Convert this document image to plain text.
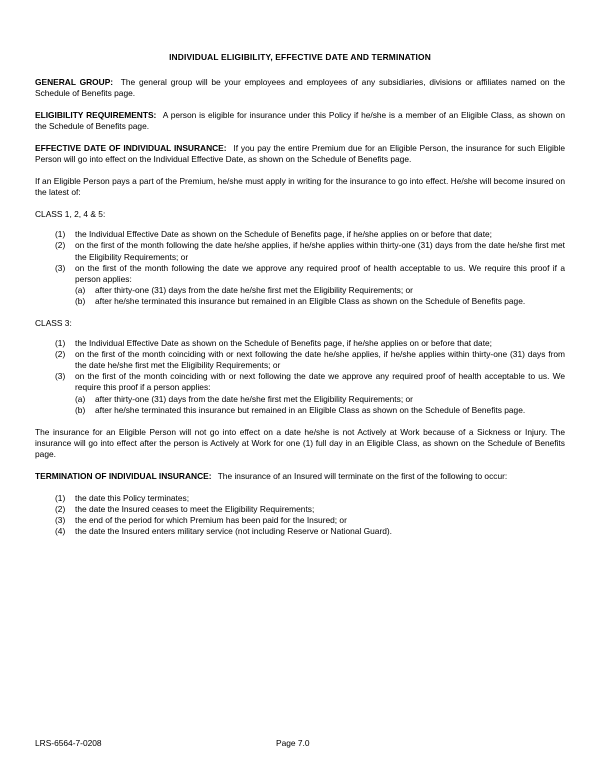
INDIVIDUAL ELIGIBILITY, EFFECTIVE DATE AND TERMINATION

GENERAL GROUP: The general group will be your employees and employees of any subsidiaries, divisions or affiliates named on the Schedule of Benefits page.

ELIGIBILITY REQUIREMENTS: A person is eligible for insurance under this Policy if he/she is a member of an Eligible Class, as shown on the Schedule of Benefits page.

EFFECTIVE DATE OF INDIVIDUAL INSURANCE: If you pay the entire Premium due for an Eligible Person, the insurance for such Eligible Person will go into effect on the Individual Effective Date, as shown on the Schedule of Benefits page.

If an Eligible Person pays a part of the Premium, he/she must apply in writing for the insurance to go into effect. He/she will become insured on the latest of:

CLASS 1, 2, 4 & 5:
(1)	the Individual Effective Date as shown on the Schedule of Benefits page, if he/she applies on or before that date;
(2)	on the first of the month following the date he/she applies, if he/she applies within thirty-one (31) days from the date he/she first met the Eligibility Requirements; or
(3)	on the first of the month following the date we approve any required proof of health acceptable to us. We require this proof if a person applies:
(a)	after thirty-one (31) days from the date he/she first met the Eligibility Requirements; or
(b)	after he/she terminated this insurance but remained in an Eligible Class as shown on the Schedule of Benefits page.
CLASS 3:
(1)	the Individual Effective Date as shown on the Schedule of Benefits page, if he/she applies on or before that date;
(2)	on the first of the month coinciding with or next following the date he/she applies, if he/she applies within thirty-one (31) days from the date he/she first met the Eligibility Requirements; or
(3)	on the first of the month coinciding with or next following the date we approve any required proof of health acceptable to us. We require this proof if a person applies:
(a)	after thirty-one (31) days from the date he/she first met the Eligibility Requirements; or
(b)	after he/she terminated this insurance but remained in an Eligible Class as shown on the Schedule of Benefits page.

The insurance for an Eligible Person will not go into effect on a date he/she is not Actively at Work because of a Sickness or Injury. The insurance will go into effect after the person is Actively at Work for one (1) full day in an Eligible Class, as shown on the Schedule of Benefits page.

TERMINATION OF INDIVIDUAL INSURANCE: The insurance of an Insured will terminate on the first of the following to occur:

(1)	the date this Policy terminates;
(2)	the date the Insured ceases to meet the Eligibility Requirements;
(3)	the end of the period for which Premium has been paid for the Insured; or
(4)	the date the Insured enters military service (not including Reserve or National Guard).
LRS-6564-7-0208	Page 7.0
